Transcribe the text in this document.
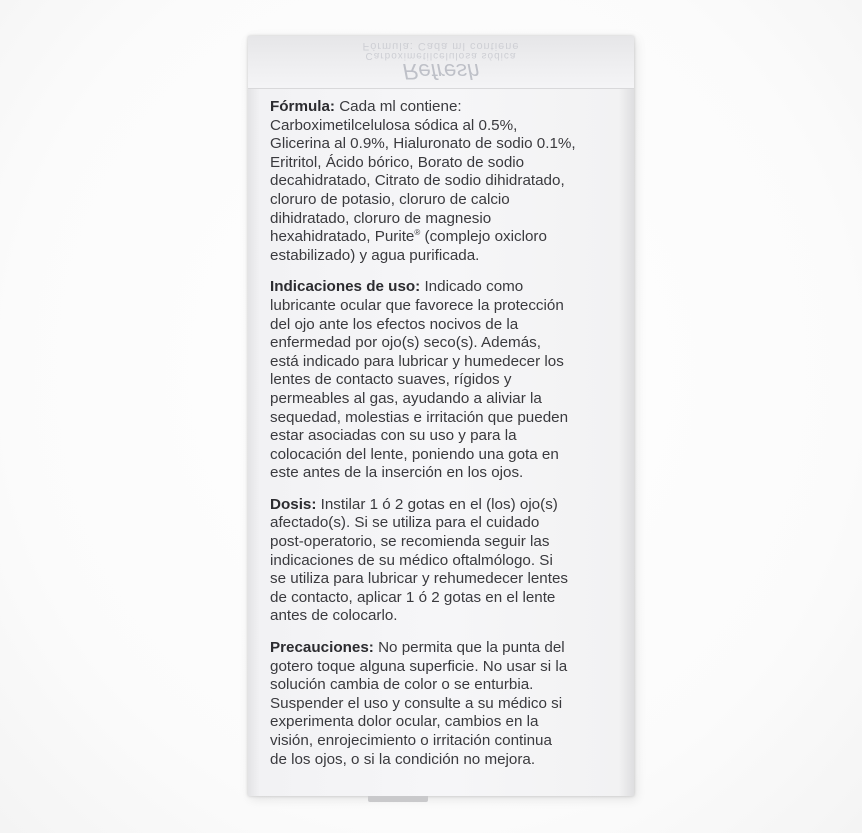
Fórmula: Cada ml contiene
Carboximetilcelulosa sódica
Refresh
Fórmula: Cada ml contiene:
Carboximetilcelulosa sódica al 0.5%,
Glicerina al 0.9%, Hialuronato de sodio 0.1%,
Eritritol, Ácido bórico, Borato de sodio
decahidratado, Citrato de sodio dihidratado,
cloruro de potasio, cloruro de calcio
dihidratado, cloruro de magnesio
hexahidratado, Purite® (complejo oxicloro
estabilizado) y agua purificada.
Indicaciones de uso: Indicado como
lubricante ocular que favorece la protección
del ojo ante los efectos nocivos de la
enfermedad por ojo(s) seco(s). Además,
está indicado para lubricar y humedecer los
lentes de contacto suaves, rígidos y
permeables al gas, ayudando a aliviar la
sequedad, molestias e irritación que pueden
estar asociadas con su uso y para la
colocación del lente, poniendo una gota en
este antes de la inserción en los ojos.
Dosis: Instilar 1 ó 2 gotas en el (los) ojo(s)
afectado(s). Si se utiliza para el cuidado
post-operatorio, se recomienda seguir las
indicaciones de su médico oftalmólogo. Si
se utiliza para lubricar y rehumedecer lentes
de contacto, aplicar 1 ó 2 gotas en el lente
antes de colocarlo.
Precauciones: No permita que la punta del
gotero toque alguna superficie. No usar si la
solución cambia de color o se enturbia.
Suspender el uso y consulte a su médico si
experimenta dolor ocular, cambios en la
visión, enrojecimiento o irritación continua
de los ojos, o si la condición no mejora.
